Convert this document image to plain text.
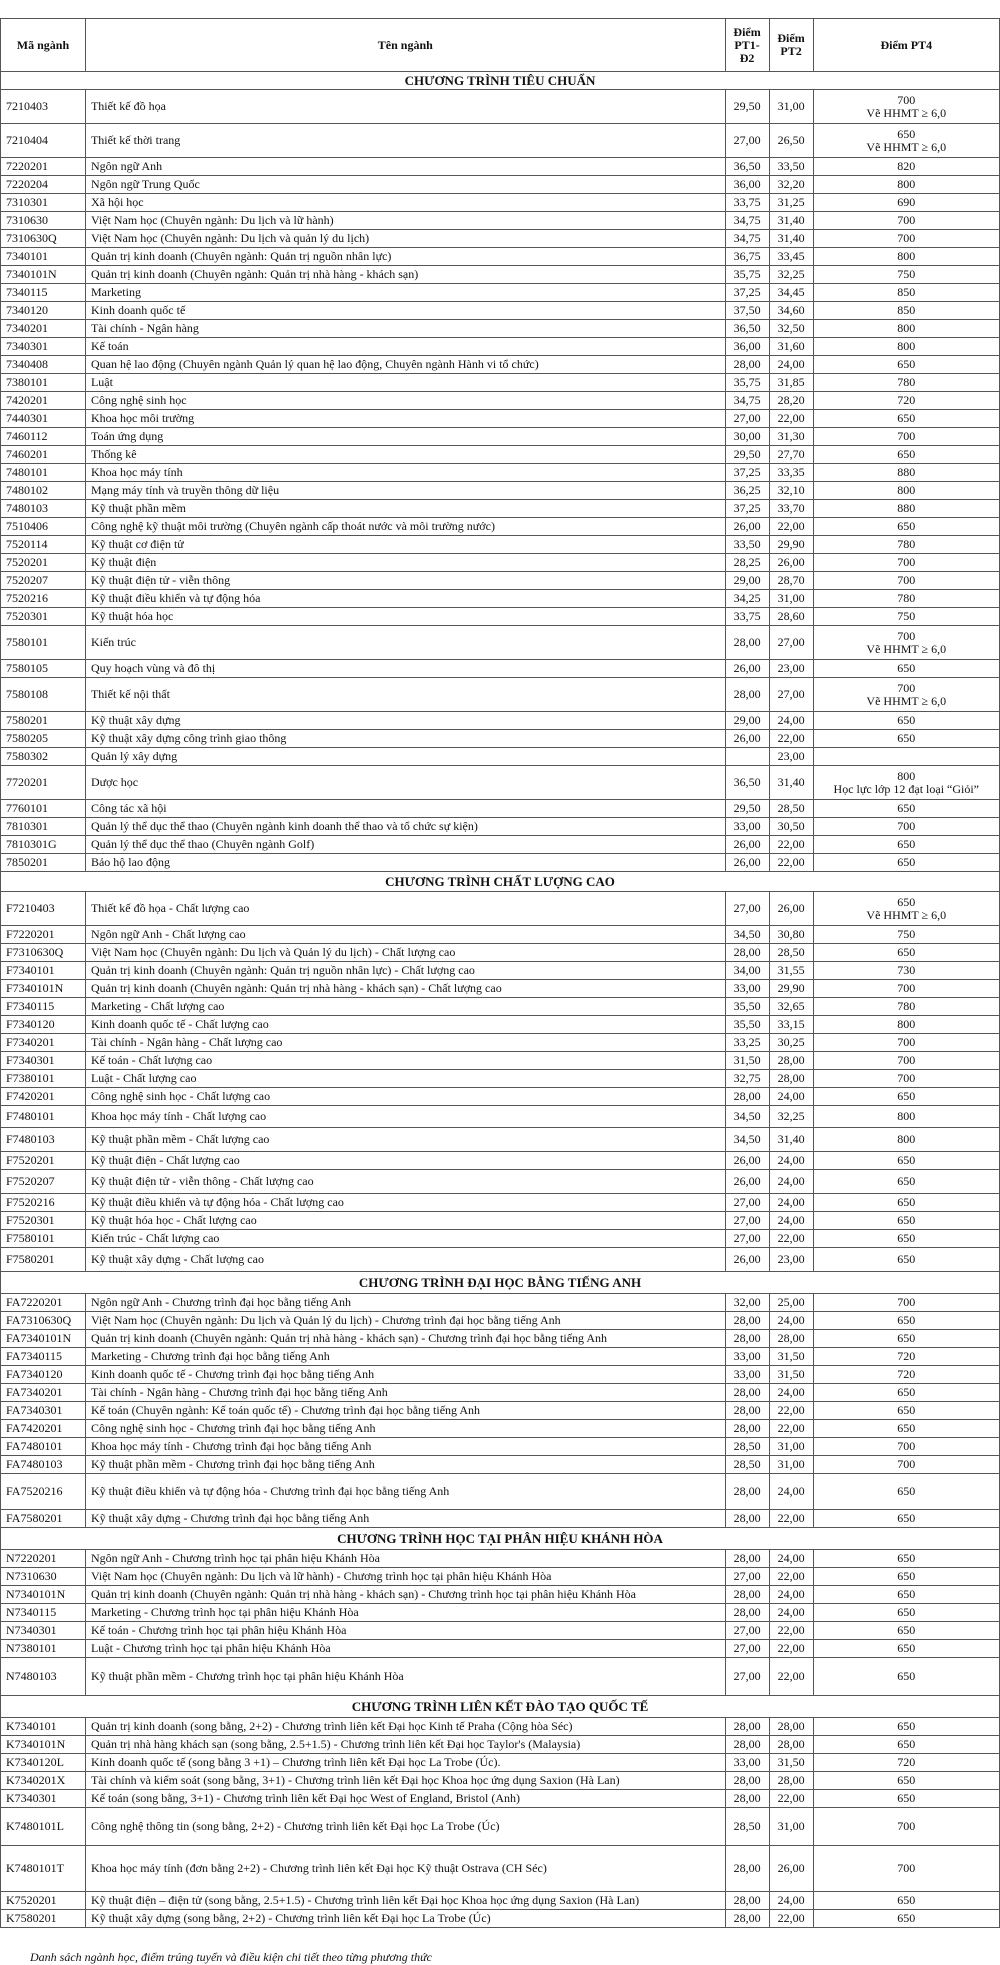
Mã ngành	Tên ngành	Điểm PT1-Đ2	Điểm PT2	Điểm PT4
CHƯƠNG TRÌNH TIÊU CHUẨN				
7210403	Thiết kế đồ họa	29,50	31,00	700
Vẽ HHMT ≥ 6,0
7210404	Thiết kế thời trang	27,00	26,50	650
Vẽ HHMT ≥ 6,0
7220201	Ngôn ngữ Anh	36,50	33,50	820
7220204	Ngôn ngữ Trung Quốc	36,00	32,20	800
7310301	Xã hội học	33,75	31,25	690
7310630	Việt Nam học (Chuyên ngành: Du lịch và lữ hành)	34,75	31,40	700
7310630Q	Việt Nam học (Chuyên ngành: Du lịch và quản lý du lịch)	34,75	31,40	700
7340101	Quản trị kinh doanh (Chuyên ngành: Quản trị nguồn nhân lực)	36,75	33,45	800
7340101N	Quản trị kinh doanh (Chuyên ngành: Quản trị nhà hàng - khách sạn)	35,75	32,25	750
7340115	Marketing	37,25	34,45	850
7340120	Kinh doanh quốc tế	37,50	34,60	850
7340201	Tài chính - Ngân hàng	36,50	32,50	800
7340301	Kế toán	36,00	31,60	800
7340408	Quan hệ lao động (Chuyên ngành Quản lý quan hệ lao động, Chuyên ngành Hành vi tổ chức)	28,00	24,00	650
7380101	Luật	35,75	31,85	780
7420201	Công nghệ sinh học	34,75	28,20	720
7440301	Khoa học môi trường	27,00	22,00	650
7460112	Toán ứng dụng	30,00	31,30	700
7460201	Thống kê	29,50	27,70	650
7480101	Khoa học máy tính	37,25	33,35	880
7480102	Mạng máy tính và truyền thông dữ liệu	36,25	32,10	800
7480103	Kỹ thuật phần mềm	37,25	33,70	880
7510406	Công nghệ kỹ thuật môi trường (Chuyên ngành cấp thoát nước và môi trường nước)	26,00	22,00	650
7520114	Kỹ thuật cơ điện tử	33,50	29,90	780
7520201	Kỹ thuật điện	28,25	26,00	700
7520207	Kỹ thuật điện tử - viễn thông	29,00	28,70	700
7520216	Kỹ thuật điều khiển và tự động hóa	34,25	31,00	780
7520301	Kỹ thuật hóa học	33,75	28,60	750
7580101	Kiến trúc	28,00	27,00	700
Vẽ HHMT ≥ 6,0
7580105	Quy hoạch vùng và đô thị	26,00	23,00	650
7580108	Thiết kế nội thất	28,00	27,00	700
Vẽ HHMT ≥ 6,0
7580201	Kỹ thuật xây dựng	29,00	24,00	650
7580205	Kỹ thuật xây dựng công trình giao thông	26,00	22,00	650
7580302	Quản lý xây dựng		23,00	
7720201	Dược học	36,50	31,40	800
Học lực lớp 12 đạt loại “Giỏi”
7760101	Công tác xã hội	29,50	28,50	650
7810301	Quản lý thể dục thể thao (Chuyên ngành kinh doanh thể thao và tổ chức sự kiện)	33,00	30,50	700
7810301G	Quản lý thể dục thể thao (Chuyên ngành Golf)	26,00	22,00	650
7850201	Bảo hộ lao động	26,00	22,00	650
CHƯƠNG TRÌNH CHẤT LƯỢNG CAO				
F7210403	Thiết kế đồ họa - Chất lượng cao	27,00	26,00	650
Vẽ HHMT ≥ 6,0
F7220201	Ngôn ngữ Anh - Chất lượng cao	34,50	30,80	750
F7310630Q	Việt Nam học (Chuyên ngành: Du lịch và Quản lý du lịch) - Chất lượng cao	28,00	28,50	650
F7340101	Quản trị kinh doanh (Chuyên ngành: Quản trị nguồn nhân lực) - Chất lượng cao	34,00	31,55	730
F7340101N	Quản trị kinh doanh (Chuyên ngành: Quản trị nhà hàng - khách sạn) - Chất lượng cao	33,00	29,90	700
F7340115	Marketing - Chất lượng cao	35,50	32,65	780
F7340120	Kinh doanh quốc tế - Chất lượng cao	35,50	33,15	800
F7340201	Tài chính - Ngân hàng - Chất lượng cao	33,25	30,25	700
F7340301	Kế toán - Chất lượng cao	31,50	28,00	700
F7380101	Luật - Chất lượng cao	32,75	28,00	700
F7420201	Công nghệ sinh học - Chất lượng cao	28,00	24,00	650
F7480101	Khoa học máy tính - Chất lượng cao	34,50	32,25	800
F7480103	Kỹ thuật phần mềm - Chất lượng cao	34,50	31,40	800
F7520201	Kỹ thuật điện - Chất lượng cao	26,00	24,00	650
F7520207	Kỹ thuật điện tử - viễn thông - Chất lượng cao	26,00	24,00	650
F7520216	Kỹ thuật điều khiển và tự động hóa - Chất lượng cao	27,00	24,00	650
F7520301	Kỹ thuật hóa học - Chất lượng cao	27,00	24,00	650
F7580101	Kiến trúc - Chất lượng cao	27,00	22,00	650
F7580201	Kỹ thuật xây dựng - Chất lượng cao	26,00	23,00	650
CHƯƠNG TRÌNH ĐẠI HỌC BẰNG TIẾNG ANH				
FA7220201	Ngôn ngữ Anh - Chương trình đại học bằng tiếng Anh	32,00	25,00	700
FA7310630Q	Việt Nam học (Chuyên ngành: Du lịch và Quản lý du lịch) - Chương trình đại học bằng tiếng Anh	28,00	24,00	650
FA7340101N	Quản trị kinh doanh (Chuyên ngành: Quản trị nhà hàng - khách sạn) - Chương trình đại học bằng tiếng Anh	28,00	28,00	650
FA7340115	Marketing - Chương trình đại học bằng tiếng Anh	33,00	31,50	720
FA7340120	Kinh doanh quốc tế - Chương trình đại học bằng tiếng Anh	33,00	31,50	720
FA7340201	Tài chính - Ngân hàng - Chương trình đại học bằng tiếng Anh	28,00	24,00	650
FA7340301	Kế toán (Chuyên ngành: Kế toán quốc tế) - Chương trình đại học bằng tiếng Anh	28,00	22,00	650
FA7420201	Công nghệ sinh học - Chương trình đại học bằng tiếng Anh	28,00	22,00	650
FA7480101	Khoa học máy tính - Chương trình đại học bằng tiếng Anh	28,50	31,00	700
FA7480103	Kỹ thuật phần mềm - Chương trình đại học bằng tiếng Anh	28,50	31,00	700
FA7520216	Kỹ thuật điều khiển và tự động hóa - Chương trình đại học bằng tiếng Anh	28,00	24,00	650
FA7580201	Kỹ thuật xây dựng - Chương trình đại học bằng tiếng Anh	28,00	22,00	650
CHƯƠNG TRÌNH HỌC TẠI PHÂN HIỆU KHÁNH HÒA				
N7220201	Ngôn ngữ Anh - Chương trình học tại phân hiệu Khánh Hòa	28,00	24,00	650
N7310630	Việt Nam học (Chuyên ngành: Du lịch và lữ hành) - Chương trình học tại phân hiệu Khánh Hòa	27,00	22,00	650
N7340101N	Quản trị kinh doanh (Chuyên ngành: Quản trị nhà hàng - khách sạn) - Chương trình học tại phân hiệu Khánh Hòa	28,00	24,00	650
N7340115	Marketing - Chương trình học tại phân hiệu Khánh Hòa	28,00	24,00	650
N7340301	Kế toán - Chương trình học tại phân hiệu Khánh Hòa	27,00	22,00	650
N7380101	Luật - Chương trình học tại phân hiệu Khánh Hòa	27,00	22,00	650
N7480103	Kỹ thuật phần mềm - Chương trình học tại phân hiệu Khánh Hòa	27,00	22,00	650
CHƯƠNG TRÌNH LIÊN KẾT ĐÀO TẠO QUỐC TẾ				
K7340101	Quản trị kinh doanh (song bằng, 2+2) - Chương trình liên kết Đại học Kinh tế Praha (Cộng hòa Séc)	28,00	28,00	650
K7340101N	Quản trị nhà hàng khách sạn (song bằng, 2.5+1.5) - Chương trình liên kết Đại học Taylor's (Malaysia)	28,00	28,00	650
K7340120L	Kinh doanh quốc tế (song bằng 3 +1) – Chương trình liên kết Đại học La Trobe (Úc).	33,00	31,50	720
K7340201X	Tài chính và kiểm soát (song bằng, 3+1) - Chương trình liên kết Đại học Khoa học ứng dụng Saxion (Hà Lan)	28,00	28,00	650
K7340301	Kế toán (song bằng, 3+1) - Chương trình liên kết Đại học West of England, Bristol (Anh)	28,00	22,00	650
K7480101L	Công nghệ thông tin (song bằng, 2+2) - Chương trình liên kết Đại học La Trobe (Úc)	28,50	31,00	700
K7480101T	Khoa học máy tính (đơn bằng 2+2) - Chương trình liên kết Đại học Kỹ thuật Ostrava (CH Séc)	28,00	26,00	700
K7520201	Kỹ thuật điện – điện tử (song bằng, 2.5+1.5) - Chương trình liên kết Đại học Khoa học ứng dụng Saxion (Hà Lan)	28,00	24,00	650
K7580201	Kỹ thuật xây dựng (song bằng, 2+2) - Chương trình liên kết Đại học La Trobe (Úc)	28,00	22,00	650
Danh sách ngành học, điểm trúng tuyển và điều kiện chi tiết theo từng phương thức
